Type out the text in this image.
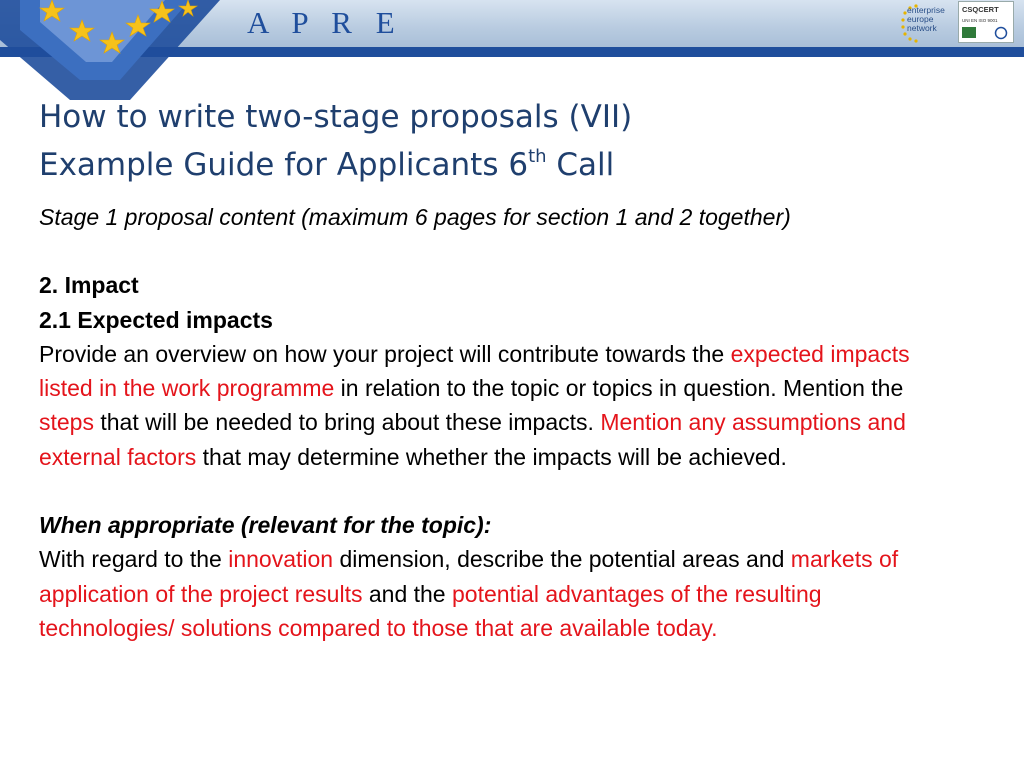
A P R E	enterprise
europe
network
CSQCERT
UNI EN ISO 9001
How to write two-stage proposals (VII)
Example Guide for Applicants 6th Call

Stage 1 proposal content (maximum 6 pages for section 1 and 2 together)

2. Impact

2.1 Expected impacts

Provide an overview on how your project will contribute towards the expected impacts listed in the work programme in relation to the topic or topics in question. Mention the steps that will be needed to bring about these impacts. Mention any assumptions and external factors that may determine whether the impacts will be achieved.

When appropriate (relevant for the topic):

With regard to the innovation dimension, describe the potential areas and markets of application of the project results and the potential advantages of the resulting technologies/ solutions compared to those that are available today.
